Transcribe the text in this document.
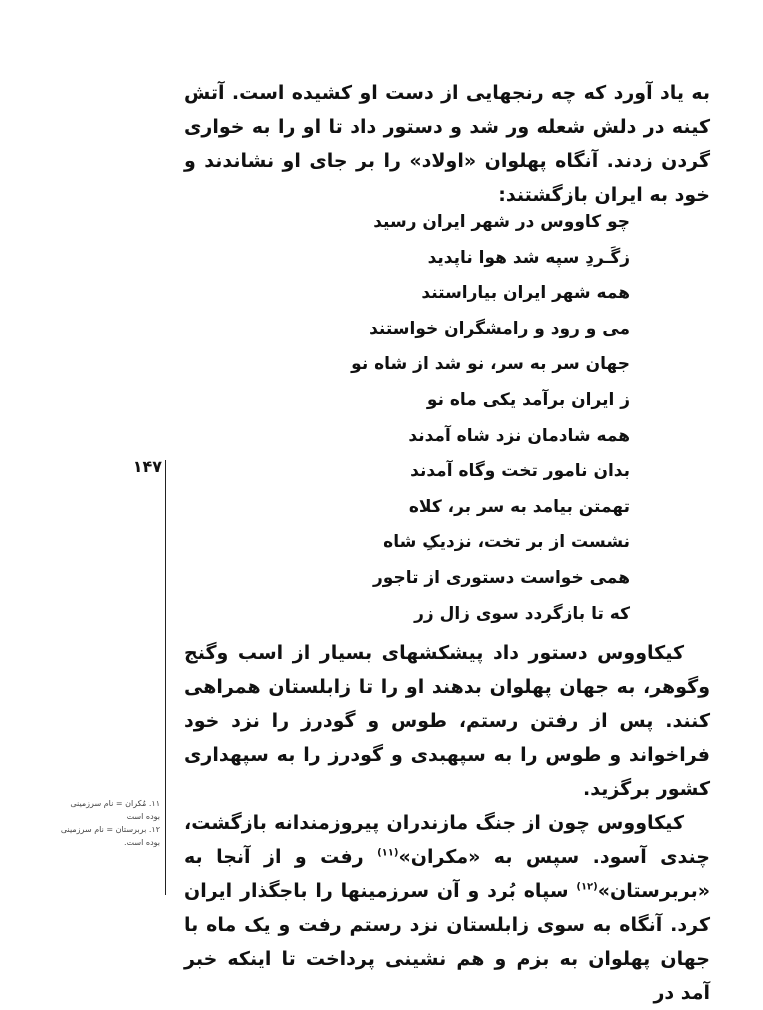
به یاد آورد که چه رنجهایی از دست او کشیده است. آتش کینه در دلش شعله ور شد و دستور داد تا او را به خواری گردن زدند. آنگاه پهلوان «اولاد» را بر جای او نشاندند و خود به ایران بازگشتند:

چو کاووس در شهر ایران رسید
زگَـردِ سپه شد هوا ناپدید
همه شهر ایران بیاراستند
می و رود و رامشگران خواستند
جهان سر به سر، نو شد از شاه نو
ز ایران برآمد یکی ماه نو
همه شادمان نزد شاه آمدند
بدان نامور تخت وگاه آمدند
تهمتن بیامد به سر بر، کلاه
نشست از بر تخت، نزدیکِ شاه
همی خواست دستوری از تاجور
که تا بازگردد سوی زال زر
۱۴۷

کیکاووس دستور داد پیشکشهای بسیار از اسب وگنج وگوهر، به جهان پهلوان بدهند او را تا زابلستان همراهی کنند. پس از رفتن رستم، طوس و گودرز را نزد خود فراخواند و طوس را به سپهبدی و گودرز را به سپهداری کشور برگزید.

کیکاووس چون از جنگ مازندران پیروزمندانه بازگشت، چندی آسود. سپس به «مکران»$^{(۱۱)}$ رفت و از آنجا به «بربرستان»$^{(۱۲)}$ سپاه بُرد و آن سرزمینها را باجگذار ایران کرد. آنگاه به سوی زابلستان نزد رستم رفت و یک ماه با جهان پهلوان به بزم و هم نشینی پرداخت تا اینکه خبر آمد در

۱۱. مُکران = نام سرزمینی بوده است
۱۲. بربرستان = نام سرزمینی بوده است.
